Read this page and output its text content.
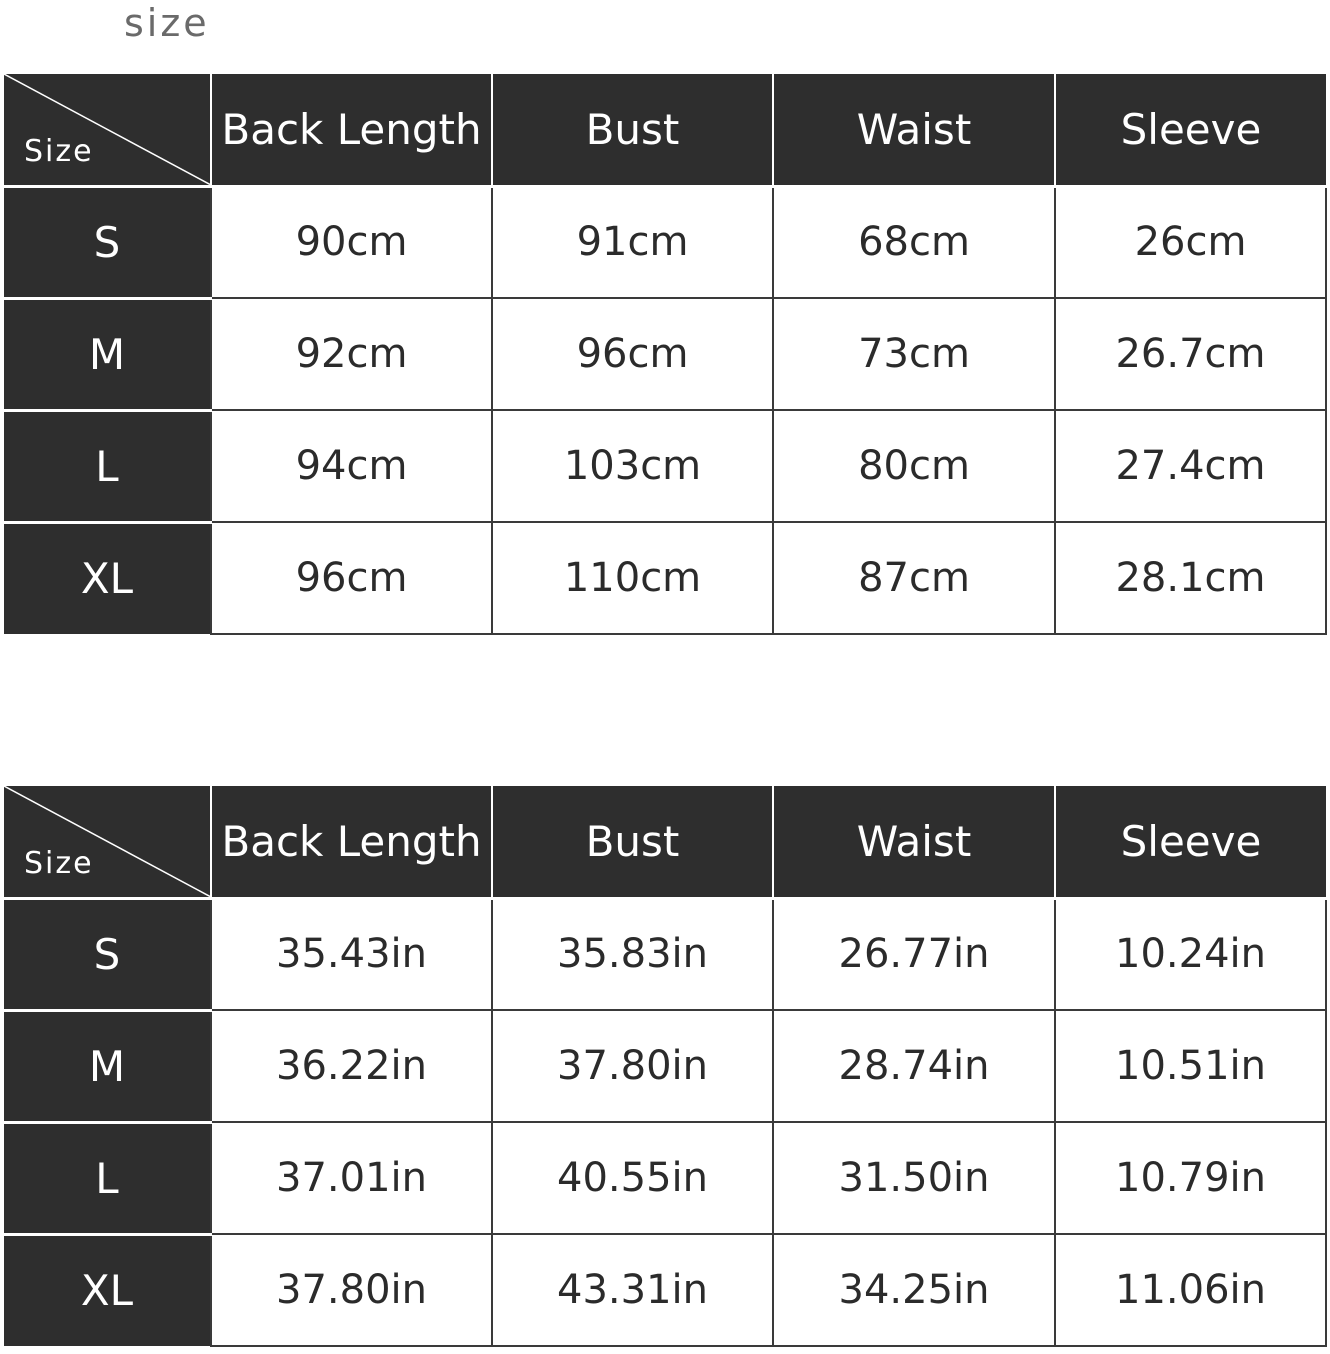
size
Size	Back Length	Bust	Waist	Sleeve
S	90cm	91cm	68cm	26cm
M	92cm	96cm	73cm	26.7cm
L	94cm	103cm	80cm	27.4cm
XL	96cm	110cm	87cm	28.1cm
Size	Back Length	Bust	Waist	Sleeve
S	35.43in	35.83in	26.77in	10.24in
M	36.22in	37.80in	28.74in	10.51in
L	37.01in	40.55in	31.50in	10.79in
XL	37.80in	43.31in	34.25in	11.06in
